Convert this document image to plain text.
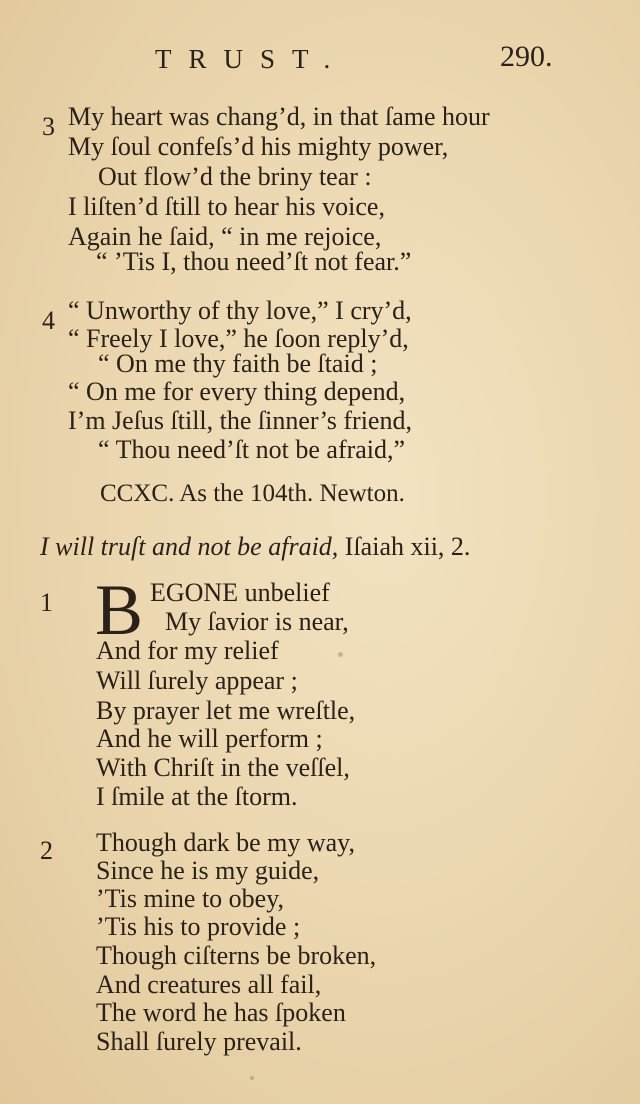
TRUST.	290.
3 My heart was chang’d, in that ſame hour
My ſoul confeſs’d his mighty power,
Out flow’d the briny tear :
I liſten’d ſtill to hear his voice,
Again he ſaid, “ in me rejoice,
“ ’Tis I, thou need’ſt not fear.”
4 “ Unworthy of thy love,” I cry’d,
“ Freely I love,” he ſoon reply’d,
“ On me thy faith be ſtaid ;
“ On me for every thing depend,
I’m Jeſus ſtill, the ſinner’s friend,
“ Thou need’ſt not be afraid,”
CCXC. As the 104th. Newton.
I will truſt and not be afraid, Iſaiah xii, 2.
1 B EGONE unbelief
My ſavior is near,
And for my relief
Will ſurely appear ;
By prayer let me wreſtle,
And he will perform ;
With Chriſt in the veſſel,
I ſmile at the ſtorm.
2 Though dark be my way,
Since he is my guide,
’Tis mine to obey,
’Tis his to provide ;
Though ciſterns be broken,
And creatures all fail,
The word he has ſpoken
Shall ſurely prevail.
